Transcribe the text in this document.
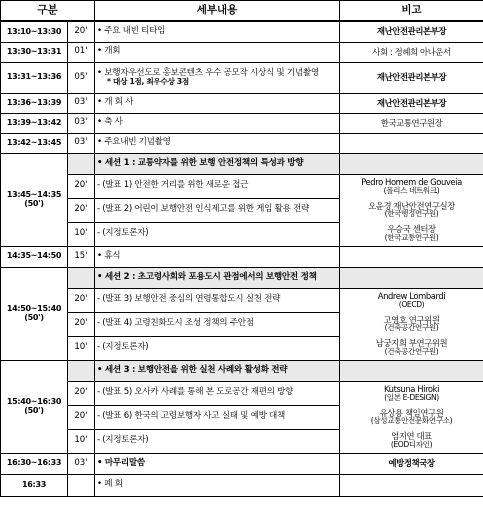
구분		세부내용	비고
13:10~13:30	20'	• 주요 내빈 티타임	재난안전관리본부장
13:30~13:31	01'	• 개회	사회 : 정혜희 아나운서
13:31~13:36	05'	• 보행자우선도로 홍보콘텐츠 우수 공모작 시상식 및 기념촬영
* 대상 1점, 최우수상 3점	재난안전관리본부장
13:36~13:39	03'	• 개 회 사	재난안전관리본부장
13:39~13:42	03'	• 축 사	한국교통연구원장
13:42~13:45	03'	• 주요내빈 기념촬영	
13:45~14:35
(50')		• 세션 1 : 교통약자를 위한 보행 안전정책의 특성과 방향	
	20'	- (발표 1) 안전한 거리를 위한 새로운 접근	Pedro Homem de Gouveia
(폴리스 네트워크)

	20'	- (발표 2) 어린이 보행안전 인식제고를 위한 게임 활용 전략	오윤경 재난안전연구실장
(한국행정연구원)

	10'	- (지정토론자)	우승국 센터장
(한국교통연구원)

14:35~14:50	15'	• 휴식	
14:50~15:40
(50')		• 세션 2 : 초고령사회와 포용도시 관점에서의 보행안전 정책	
	20'	- (발표 3) 보행안전 중심의 연령통합도시 실천 전략	Andrew Lombardi
(OECD)

	20'	- (발표 4) 고령친화도시 조성 정책의 주안점	고영호 연구위원
(건축공간연구원)

	10'	- (지정토론자)	남궁지희 부연구위원
(건축공간연구원)

15:40~16:30
(50')		• 세션 3 : 보행안전을 위한 실천 사례와 활성화 전략	
	20'	- (발표 5) 오사카 사례를 통해 본 도로공간 재편의 방향	Kutsuna Hiroki
(일본 E-DESIGN)

	20'	- (발표 6) 한국의 고령보행자 사고 실태 및 예방 대책	유상용 책임연구원
(삼성교통안전문화연구소)

	10'	- (지정토론자)	엄지연 대표
(EOD디자인)

16:30~16:33	03'	• 마무리말씀	예방정책국장
16:33		• 폐 회	
